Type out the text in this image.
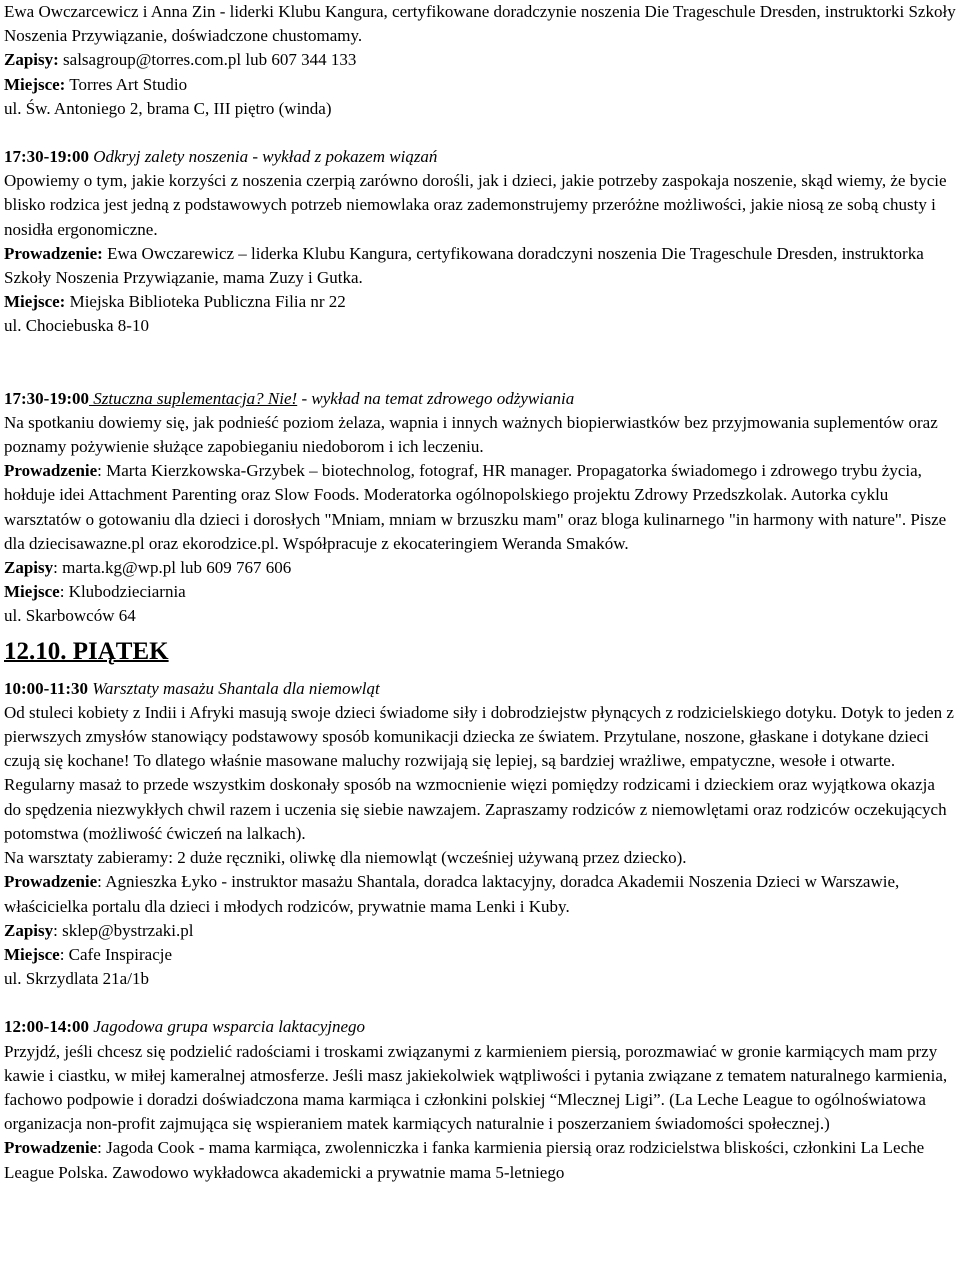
Ewa Owczarcewicz i Anna Zin - liderki Klubu Kangura, certyfikowane doradczynie noszenia Die Trageschule Dresden, instruktorki Szkoły Noszenia Przywiązanie, doświadczone chustomamy.

Zapisy: salsagroup@torres.com.pl lub 607 344 133

Miejsce: Torres Art Studio

ul. Św. Antoniego 2, brama C, III piętro (winda)

17:30-19:00 Odkryj zalety noszenia - wykład z pokazem wiązań

Opowiemy o tym, jakie korzyści z noszenia czerpią zarówno dorośli, jak i dzieci, jakie potrzeby zaspokaja noszenie, skąd wiemy, że bycie blisko rodzica jest jedną z podstawowych potrzeb niemowlaka oraz zademonstrujemy przeróżne możliwości, jakie niosą ze sobą chusty i nosidła ergonomiczne.

Prowadzenie: Ewa Owczarewicz – liderka Klubu Kangura, certyfikowana doradczyni noszenia Die Trageschule Dresden, instruktorka Szkoły Noszenia Przywiązanie, mama Zuzy i Gutka.

Miejsce: Miejska Biblioteka Publiczna Filia nr 22

ul. Chociebuska 8-10

17:30-19:00 Sztuczna suplementacja? Nie! - wykład na temat zdrowego odżywiania

Na spotkaniu dowiemy się, jak podnieść poziom żelaza, wapnia i innych ważnych biopierwiastków bez przyjmowania suplementów oraz poznamy pożywienie służące zapobieganiu niedoborom i ich leczeniu.

Prowadzenie: Marta Kierzkowska-Grzybek – biotechnolog, fotograf, HR manager. Propagatorka świadomego i zdrowego trybu życia, hołduje idei Attachment Parenting oraz Slow Foods. Moderatorka ogólnopolskiego projektu Zdrowy Przedszkolak. Autorka cyklu warsztatów o gotowaniu dla dzieci i dorosłych "Mniam, mniam w brzuszku mam" oraz bloga kulinarnego "in harmony with nature". Pisze dla dziecisawazne.pl oraz ekorodzice.pl. Współpracuje z ekocateringiem Weranda Smaków.

Zapisy: marta.kg@wp.pl lub 609 767 606

Miejsce: Klubodzieciarnia

ul. Skarbowców 64

12.10. PIĄTEK

10:00-11:30 Warsztaty masażu Shantala dla niemowląt

Od stuleci kobiety z Indii i Afryki masują swoje dzieci świadome siły i dobrodziejstw płynących z rodzicielskiego dotyku. Dotyk to jeden z pierwszych zmysłów stanowiący podstawowy sposób komunikacji dziecka ze światem. Przytulane, noszone, głaskane i dotykane dzieci czują się kochane! To dlatego właśnie masowane maluchy rozwijają się lepiej, są bardziej wrażliwe, empatyczne, wesołe i otwarte. Regularny masaż to przede wszystkim doskonały sposób na wzmocnienie więzi pomiędzy rodzicami i dzieckiem oraz wyjątkowa okazja do spędzenia niezwykłych chwil razem i uczenia się siebie nawzajem. Zapraszamy rodziców z niemowlętami oraz rodziców oczekujących potomstwa (możliwość ćwiczeń na lalkach).

Na warsztaty zabieramy: 2 duże ręczniki, oliwkę dla niemowląt (wcześniej używaną przez dziecko).

Prowadzenie: Agnieszka Łyko - instruktor masażu Shantala, doradca laktacyjny, doradca Akademii Noszenia Dzieci w Warszawie, właścicielka portalu dla dzieci i młodych rodziców, prywatnie mama Lenki i Kuby.

Zapisy: sklep@bystrzaki.pl

Miejsce: Cafe Inspiracje

ul. Skrzydlata 21a/1b

12:00-14:00 Jagodowa grupa wsparcia laktacyjnego

Przyjdź, jeśli chcesz się podzielić radościami i troskami związanymi z karmieniem piersią, porozmawiać w gronie karmiących mam przy kawie i ciastku, w miłej kameralnej atmosferze. Jeśli masz jakiekolwiek wątpliwości i pytania związane z tematem naturalnego karmienia, fachowo podpowie i doradzi doświadczona mama karmiąca i członkini polskiej “Mlecznej Ligi”. (La Leche League to ogólnoświatowa organizacja non-profit zajmująca się wspieraniem matek karmiących naturalnie i poszerzaniem świadomości społecznej.)

Prowadzenie: Jagoda Cook - mama karmiąca, zwolenniczka i fanka karmienia piersią oraz rodzicielstwa bliskości, członkini La Leche League Polska. Zawodowo wykładowca akademicki a prywatnie mama 5-letniego
